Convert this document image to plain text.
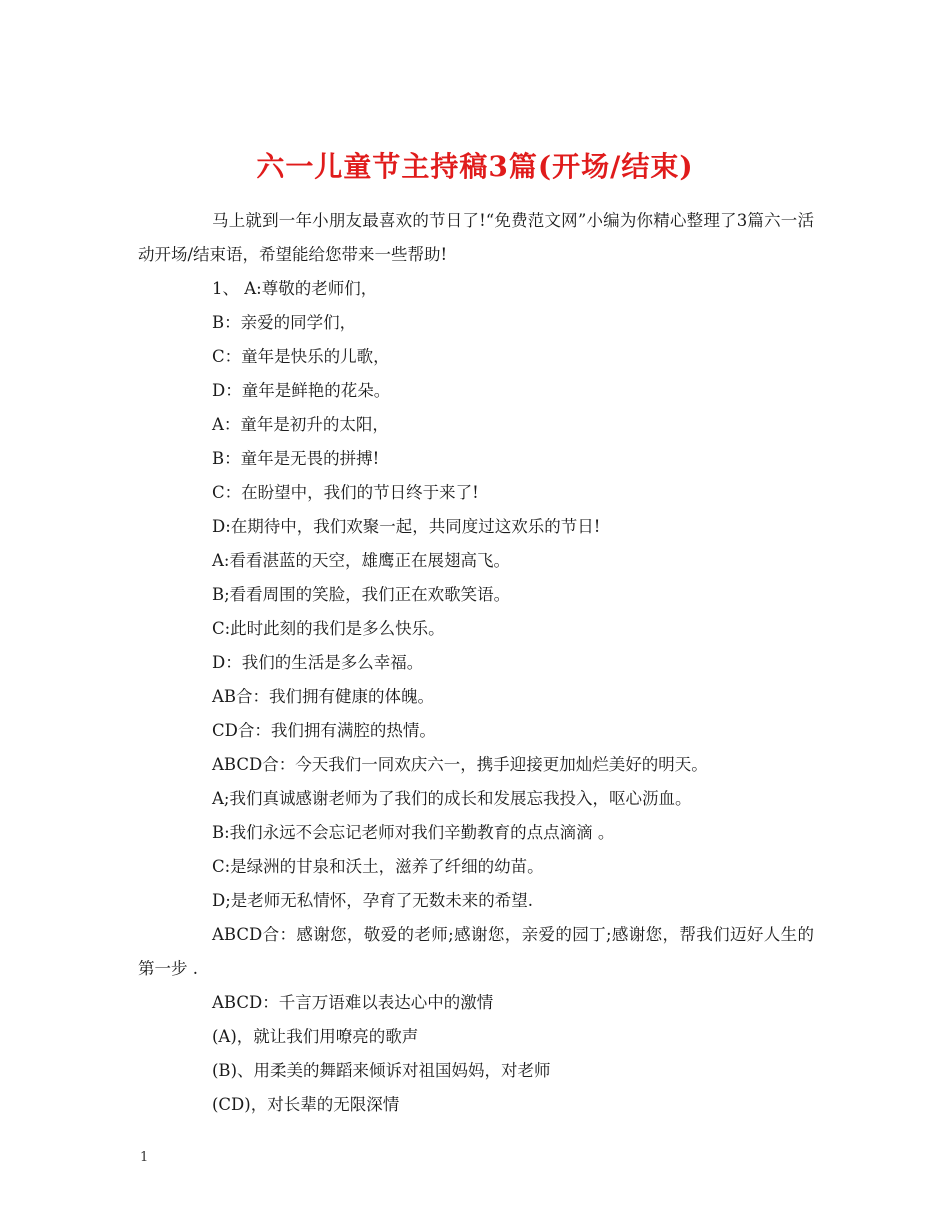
六一儿童节主持稿3篇(开场/结束)

马上就到一年小朋友最喜欢的节日了!“免费范文网”小编为你精心整理了3篇六一活动开场/结束语，希望能给您带来一些帮助!

1、 A:尊敬的老师们，

B：亲爱的同学们，

C：童年是快乐的儿歌，

D：童年是鲜艳的花朵。

A：童年是初升的太阳，

B：童年是无畏的拼搏!

C：在盼望中，我们的节日终于来了!

D:在期待中，我们欢聚一起，共同度过这欢乐的节日!

A:看看湛蓝的天空，雄鹰正在展翅高飞。

B;看看周围的笑脸，我们正在欢歌笑语。

C:此时此刻的我们是多么快乐。

D：我们的生活是多么幸福。

AB合：我们拥有健康的体魄。

CD合：我们拥有满腔的热情。

ABCD合：今天我们一同欢庆六一，携手迎接更加灿烂美好的明天。

A;我们真诚感谢老师为了我们的成长和发展忘我投入，呕心沥血。

B:我们永远不会忘记老师对我们辛勤教育的点点滴滴 。

C:是绿洲的甘泉和沃土，滋养了纤细的幼苗。

D;是老师无私情怀，孕育了无数未来的希望.

ABCD合：感谢您，敬爱的老师;感谢您，亲爱的园丁;感谢您，帮我们迈好人生的第一步 .

ABCD：千言万语难以表达心中的激情

(A)，就让我们用嘹亮的歌声

(B)、用柔美的舞蹈来倾诉对祖国妈妈，对老师

(CD)，对长辈的无限深情

1
